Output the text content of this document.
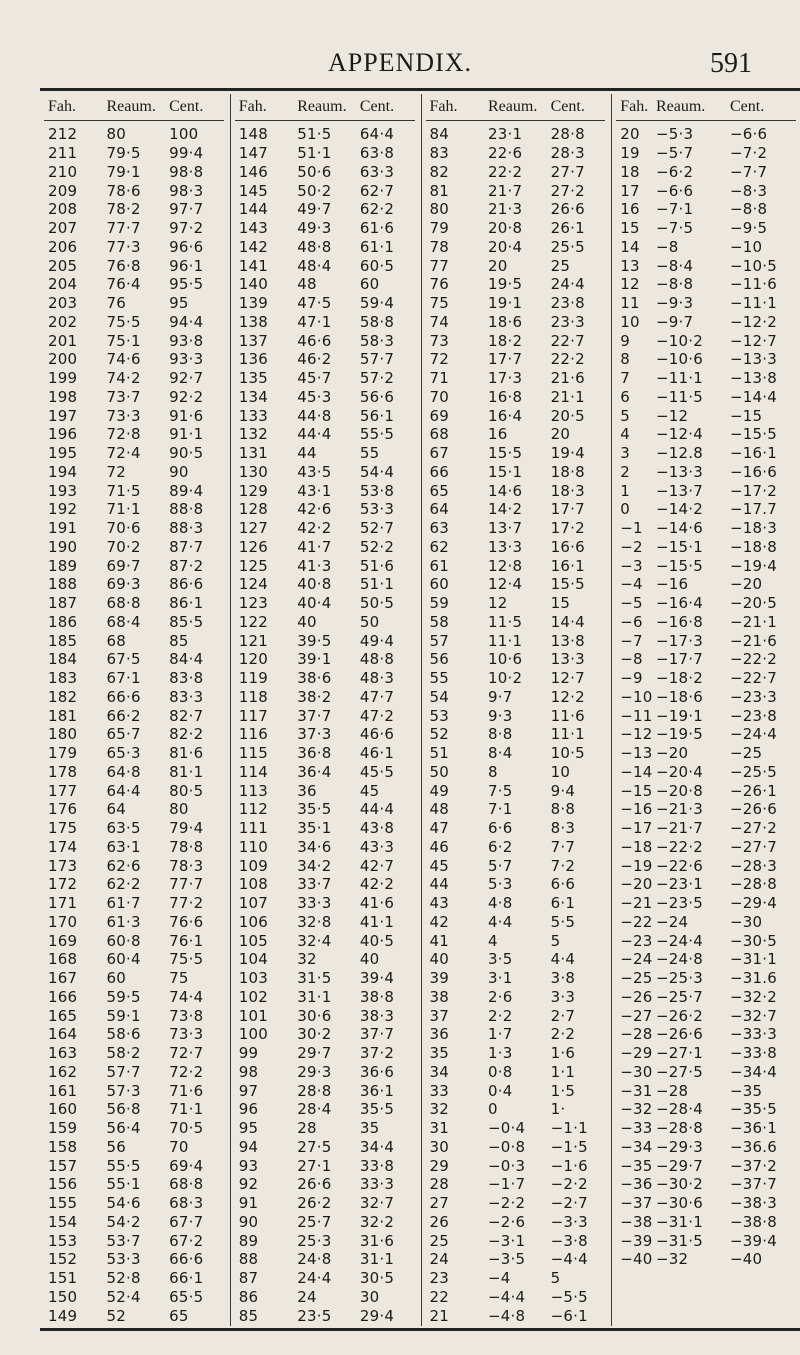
APPENDIX.	591
Fah.	Reaum. Cent.
212	80	100
211	79·5	99·4
210	79·1	98·8
209	78·6	98·3
208	78·2	97·7
207	77·7	97·2
206	77·3	96·6
205	76·8	96·1
204	76·4	95·5
203	76	95
202	75·5	94·4
201	75·1	93·8
200	74·6	93·3
199	74·2	92·7
198	73·7	92·2
197	73·3	91·6
196	72·8	91·1
195	72·4	90·5
194	72	90
193	71·5	89·4
192	71·1	88·8
191	70·6	88·3
190	70·2	87·7
189	69·7	87·2
188	69·3	86·6
187	68·8	86·1
186	68·4	85·5
185	68	85
184	67·5	84·4
183	67·1	83·8
182	66·6	83·3
181	66·2	82·7
180	65·7	82·2
179	65·3	81·6
178	64·8	81·1
177	64·4	80·5
176	64	80
175	63·5	79·4
174	63·1	78·8
173	62·6	78·3
172	62·2	77·7
171	61·7	77·2
170	61·3	76·6
169	60·8	76·1
168	60·4	75·5
167	60	75
166	59·5	74·4
165	59·1	73·8
164	58·6	73·3
163	58·2	72·7
162	57·7	72·2
161	57·3	71·6
160	56·8	71·1
159	56·4	70·5
158	56	70
157	55·5	69·4
156	55·1	68·8
155	54·6	68·3
154	54·2	67·7
153	53·7	67·2
152	53·3	66·6
151	52·8	66·1
150	52·4	65·5
149	52	65
Fah.	Reaum. Cent.
148	51·5	64·4
147	51·1	63·8
146	50·6	63·3
145	50·2	62·7
144	49·7	62·2
143	49·3	61·6
142	48·8	61·1
141	48·4	60·5
140	48	60
139	47·5	59·4
138	47·1	58·8
137	46·6	58·3
136	46·2	57·7
135	45·7	57·2
134	45·3	56·6
133	44·8	56·1
132	44·4	55·5
131	44	55
130	43·5	54·4
129	43·1	53·8
128	42·6	53·3
127	42·2	52·7
126	41·7	52·2
125	41·3	51·6
124	40·8	51·1
123	40·4	50·5
122	40	50
121	39·5	49·4
120	39·1	48·8
119	38·6	48·3
118	38·2	47·7
117	37·7	47·2
116	37·3	46·6
115	36·8	46·1
114	36·4	45·5
113	36	45
112	35·5	44·4
111	35·1	43·8
110	34·6	43·3
109	34·2	42·7
108	33·7	42·2
107	33·3	41·6
106	32·8	41·1
105	32·4	40·5
104	32	40
103	31·5	39·4
102	31·1	38·8
101	30·6	38·3
100	30·2	37·7
99	29·7	37·2
98	29·3	36·6
97	28·8	36·1
96	28·4	35·5
95	28	35
94	27·5	34·4
93	27·1	33·8
92	26·6	33·3
91	26·2	32·7
90	25·7	32·2
89	25·3	31·6
88	24·8	31·1
87	24·4	30·5
86	24	30
85	23·5	29·4
Fah.	Reaum. Cent.
84	23·1	28·8
83	22·6	28·3
82	22·2	27·7
81	21·7	27·2
80	21·3	26·6
79	20·8	26·1
78	20·4	25·5
77	20	25
76	19·5	24·4
75	19·1	23·8
74	18·6	23·3
73	18·2	22·7
72	17·7	22·2
71	17·3	21·6
70	16·8	21·1
69	16·4	20·5
68	16	20
67	15·5	19·4
66	15·1	18·8
65	14·6	18·3
64	14·2	17·7
63	13·7	17·2
62	13·3	16·6
61	12·8	16·1
60	12·4	15·5
59	12	15
58	11·5	14·4
57	11·1	13·8
56	10·6	13·3
55	10·2	12·7
54	9·7	12·2
53	9·3	11·6
52	8·8	11·1
51	8·4	10·5
50	8	10
49	7·5	9·4
48	7·1	8·8
47	6·6	8·3
46	6·2	7·7
45	5·7	7·2
44	5·3	6·6
43	4·8	6·1
42	4·4	5·5
41	4	5
40	3·5	4·4
39	3·1	3·8
38	2·6	3·3
37	2·2	2·7
36	1·7	2·2
35	1·3	1·6
34	0·8	1·1
33	0·4	1·5
32	0	1·
31	−0·4	−1·1
30	−0·8	−1·5
29	−0·3	−1·6
28	−1·7	−2·2
27	−2·2	−2·7
26	−2·6	−3·3
25	−3·1	−3·8
24	−3·5	−4·4
23	−4	5
22	−4·4	−5·5
21	−4·8	−6·1
Fah. Reaum.	Cent.
20	−5·3	−6·6
19	−5·7	−7·2
18	−6·2	−7·7
17	−6·6	−8·3
16	−7·1	−8·8
15	−7·5	−9·5
14	−8	−10
13	−8·4	−10·5
12	−8·8	−11·6
11	−9·3	−11·1
10	−9·7	−12·2
9	−10·2	−12·7
8	−10·6	−13·3
7	−11·1	−13·8
6	−11·5	−14·4
5	−12	−15
4	−12·4	−15·5
3	−12.8	−16·1
2	−13·3	−16·6
1	−13·7	−17·2
0	−14·2	−17.7
−1 −14·6	−18·3
−2 −15·1	−18·8
−3 −15·5	−19·4
−4 −16	−20
−5 −16·4	−20·5
−6 −16·8	−21·1
−7 −17·3	−21·6
−8 −17·7	−22·2
−9 −18·2	−22·7
−10 −18·6	−23·3
−11 −19·1	−23·8
−12 −19·5	−24·4
−13 −20	−25
−14 −20·4	−25·5
−15 −20·8	−26·1
−16 −21·3	−26·6
−17 −21·7	−27·2
−18 −22·2	−27·7
−19 −22·6	−28·3
−20 −23·1	−28·8
−21 −23·5	−29·4
−22 −24	−30
−23 −24·4	−30·5
−24 −24·8	−31·1
−25 −25·3	−31.6
−26 −25·7	−32·2
−27 −26·2	−32·7
−28 −26·6	−33·3
−29 −27·1	−33·8
−30 −27·5	−34·4
−31 −28	−35
−32 −28·4	−35·5
−33 −28·8	−36·1
−34 −29·3	−36.6
−35 −29·7	−37·2
−36 −30·2	−37·7
−37 −30·6	−38·3
−38 −31·1	−38·8
−39 −31·5	−39·4
−40 −32	−40
